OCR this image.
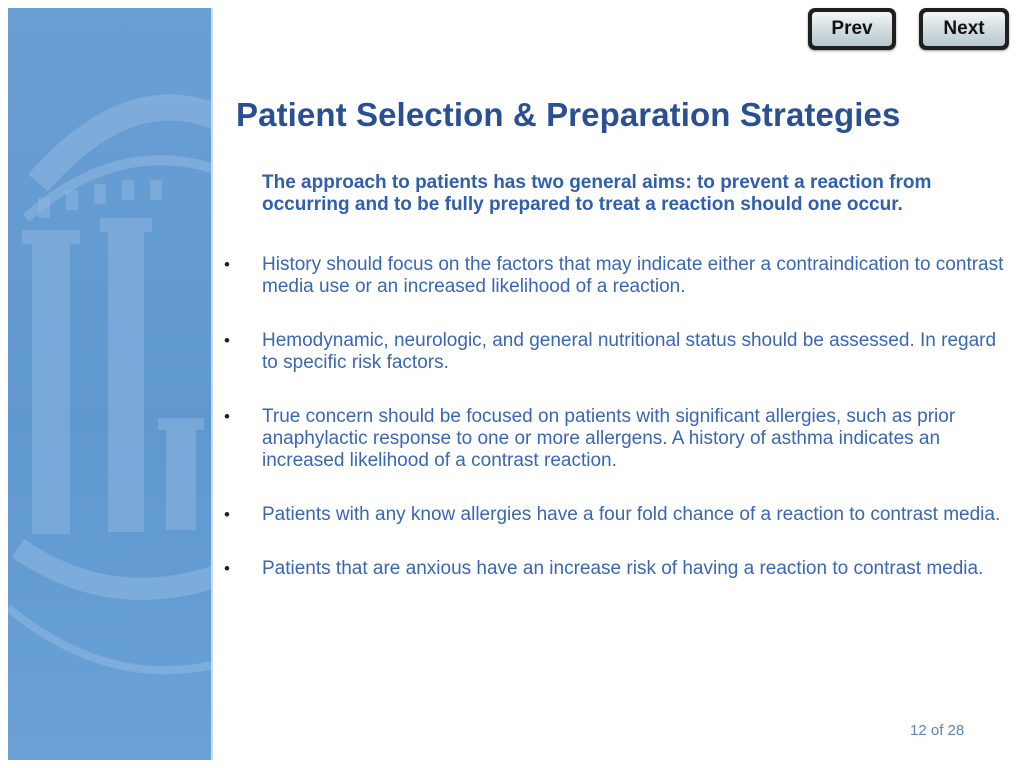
Prev	Next
Patient Selection & Preparation Strategies

The approach to patients has two general aims: to prevent a reaction from occurring and to be fully prepared to treat a reaction should one occur.

• History should focus on the factors that may indicate either a contraindication to contrast media use or an increased likelihood of a reaction.
• Hemodynamic, neurologic, and general nutritional status should be assessed. In regard to specific risk factors.
• True concern should be focused on patients with significant allergies, such as prior anaphylactic response to one or more allergens. A history of asthma indicates an increased likelihood of a contrast reaction.
• Patients with any know allergies have a four fold chance of a reaction to contrast media.
• Patients that are anxious have an increase risk of having a reaction to contrast media.
12 of 28
